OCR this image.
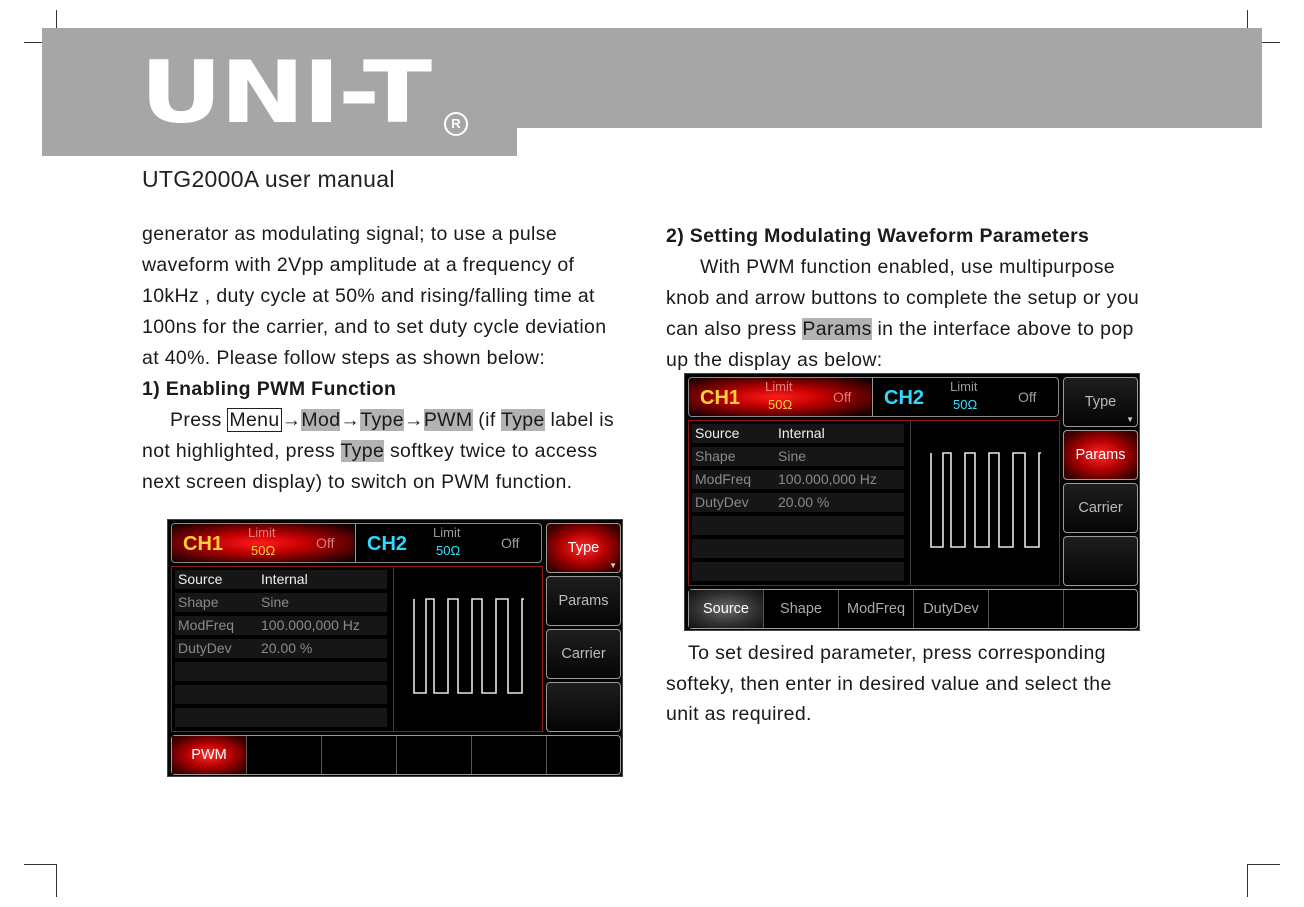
UNI-T	R
UTG2000A user manual

generator as modulating signal; to use a pulse

waveform with 2Vpp amplitude at a frequency of

10kHz , duty cycle at 50% and rising/falling time at

100ns for the carrier, and to set duty cycle deviation

at 40%. Please follow steps as shown below:

1) Enabling PWM Function

Press Menu →Mod→Type→PWM (if Type label is

not highlighted, press Type softkey twice to access

next screen display) to switch on PWM function.

2) Setting Modulating Waveform Parameters

With PWM function enabled, use multipurpose

knob and arrow buttons to complete the setup or you

can also press Params in the interface above to pop

up the display as below:

To set desired parameter, press corresponding

softeky, then enter in desired value and select the

unit as required.

CH1
Limit
50Ω	Off CH2
Limit
50Ω	Off	Type
▼
Params
Carrier
Source	Internal
Shape	Sine
ModFreq 100.000,000 Hz
DutyDev 20.00 %
PWM
CH1
Limit
50Ω	Off CH2
Limit
50Ω	Off	Type
▼
Params
Carrier
Source	Internal
Shape	Sine
ModFreq 100.000,000 Hz
DutyDev 20.00 %
Source	Shape	ModFreq	DutyDev
